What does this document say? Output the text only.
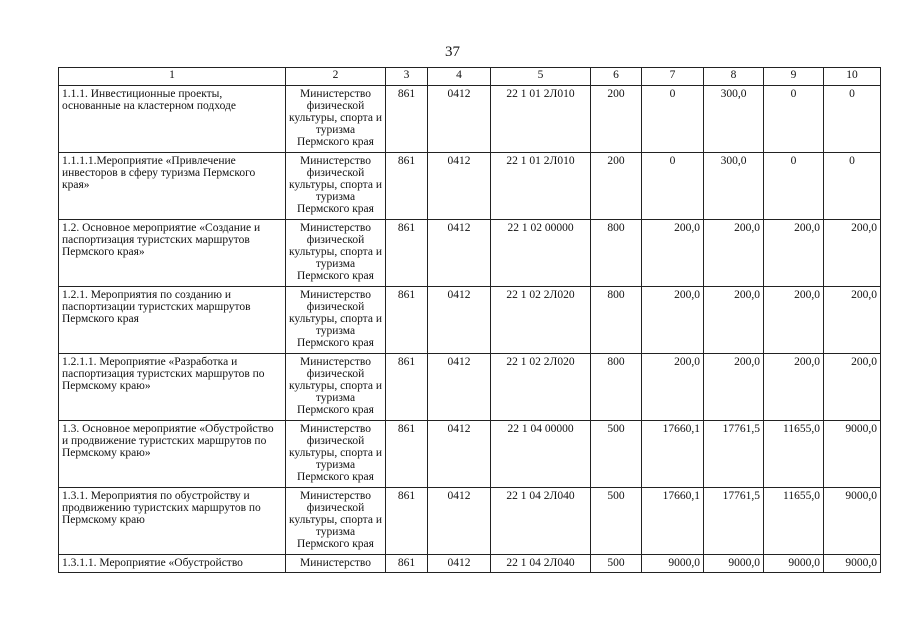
37
1	2	3	4	5	6	7	8	9	10
1.1.1. Инвестиционные проекты, основанные на кластерном подходе	Министерство физической культуры, спорта и туризма Пермского края	861	0412	22 1 01 2Л010	200	0	300,0	0	0
1.1.1.1.Мероприятие «Привлечение инвесторов в сферу туризма Пермского края»	Министерство физической культуры, спорта и туризма Пермского края	861	0412	22 1 01 2Л010	200	0	300,0	0	0
1.2. Основное мероприятие «Создание и паспортизация туристских маршрутов Пермского края»	Министерство физической культуры, спорта и туризма Пермского края	861	0412	22 1 02 00000	800	200,0	200,0	200,0	200,0
1.2.1. Мероприятия по созданию и паспортизации туристских маршрутов Пермского края	Министерство физической культуры, спорта и туризма Пермского края	861	0412	22 1 02 2Л020	800	200,0	200,0	200,0	200,0
1.2.1.1. Мероприятие «Разработка и паспортизация туристских маршрутов по Пермскому краю»	Министерство физической культуры, спорта и туризма Пермского края	861	0412	22 1 02 2Л020	800	200,0	200,0	200,0	200,0
1.3. Основное мероприятие «Обустройство и продвижение туристских маршрутов по Пермскому краю»	Министерство физической культуры, спорта и туризма Пермского края	861	0412	22 1 04 00000	500	17660,1	17761,5	11655,0	9000,0
1.3.1. Мероприятия по обустройству и продвижению туристских маршрутов по Пермскому краю	Министерство физической культуры, спорта и туризма Пермского края	861	0412	22 1 04 2Л040	500	17660,1	17761,5	11655,0	9000,0
1.3.1.1. Мероприятие «Обустройство	Министерство	861	0412	22 1 04 2Л040	500	9000,0	9000,0	9000,0	9000,0
